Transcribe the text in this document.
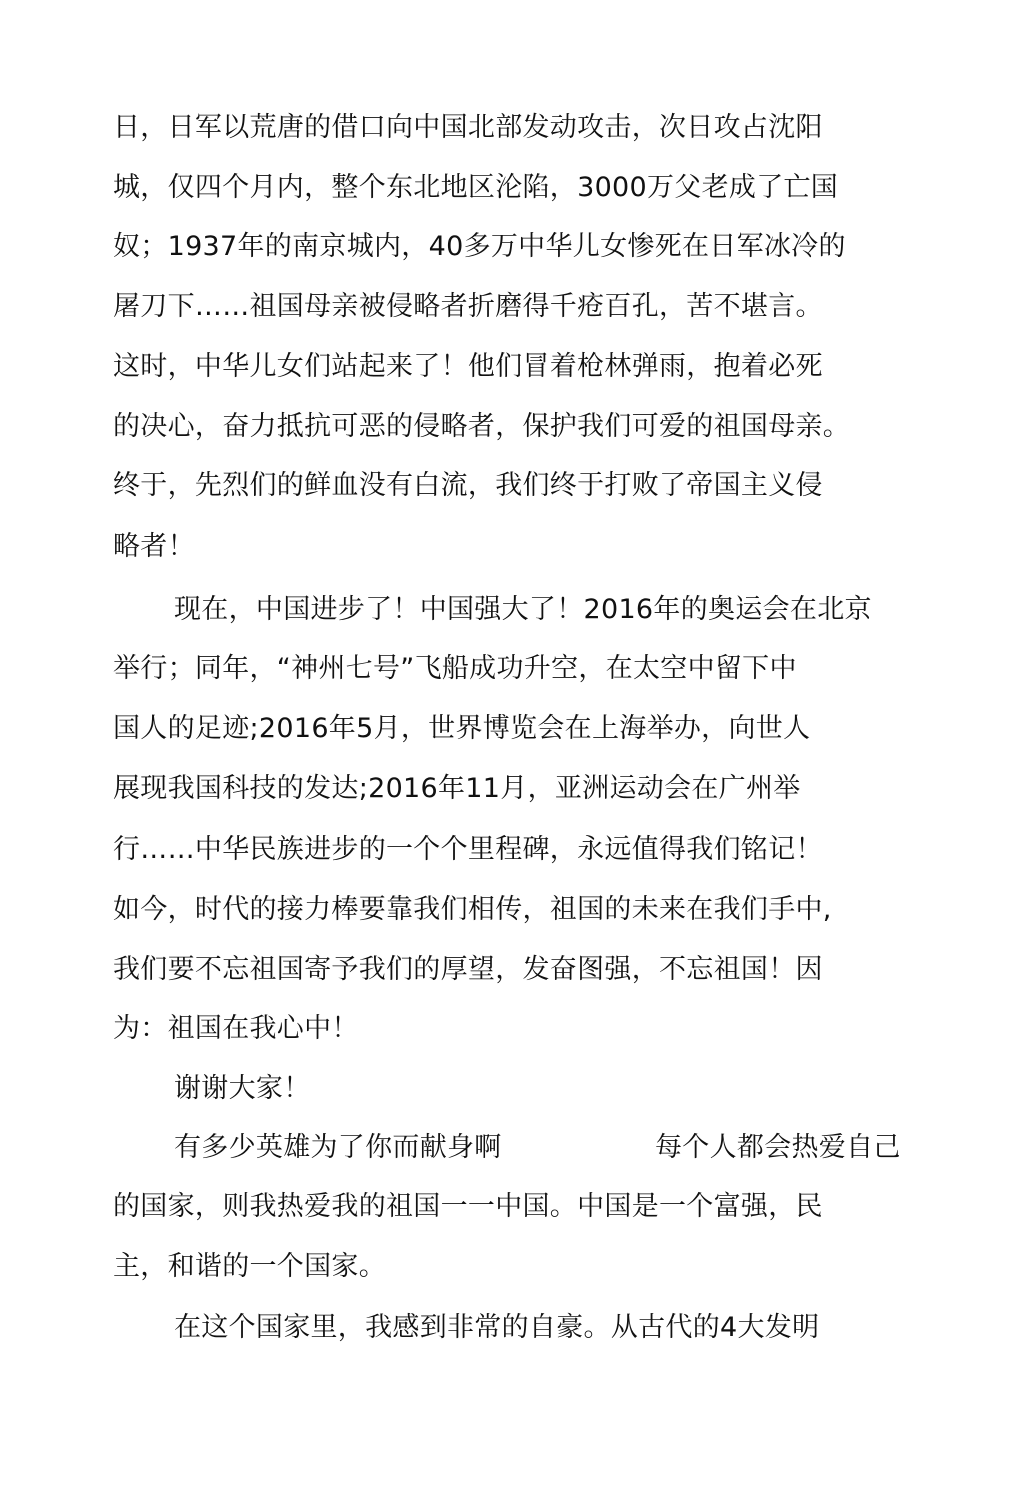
日，日军以荒唐的借口向中国北部发动攻击，次日攻占沈阳
城，仅四个月内，整个东北地区沦陷，3000万父老成了亡国
奴；1937年的南京城内，40多万中华儿女惨死在日军冰冷的
屠刀下……祖国母亲被侵略者折磨得千疮百孔，苦不堪言。
这时，中华儿女们站起来了！他们冒着枪林弹雨，抱着必死
的决心，奋力抵抗可恶的侵略者，保护我们可爱的祖国母亲。
终于，先烈们的鲜血没有白流，我们终于打败了帝国主义侵
略者！
现在，中国进步了！中国强大了！2016年的奥运会在北京
举行；同年，“神州七号”飞船成功升空，在太空中留下中
国人的足迹;2016年5月，世界博览会在上海举办，向世人
展现我国科技的发达;2016年11月，亚洲运动会在广州举
行……中华民族进步的一个个里程碑，永远值得我们铭记！
如今，时代的接力棒要靠我们相传，祖国的未来在我们手中,
我们要不忘祖国寄予我们的厚望，发奋图强，不忘祖国！因
为：祖国在我心中！
谢谢大家！
有多少英雄为了你而献身啊	每个人都会热爱自己
的国家，则我热爱我的祖国一一中国。中国是一个富强，民
主，和谐的一个国家。
在这个国家里，我感到非常的自豪。从古代的4大发明
